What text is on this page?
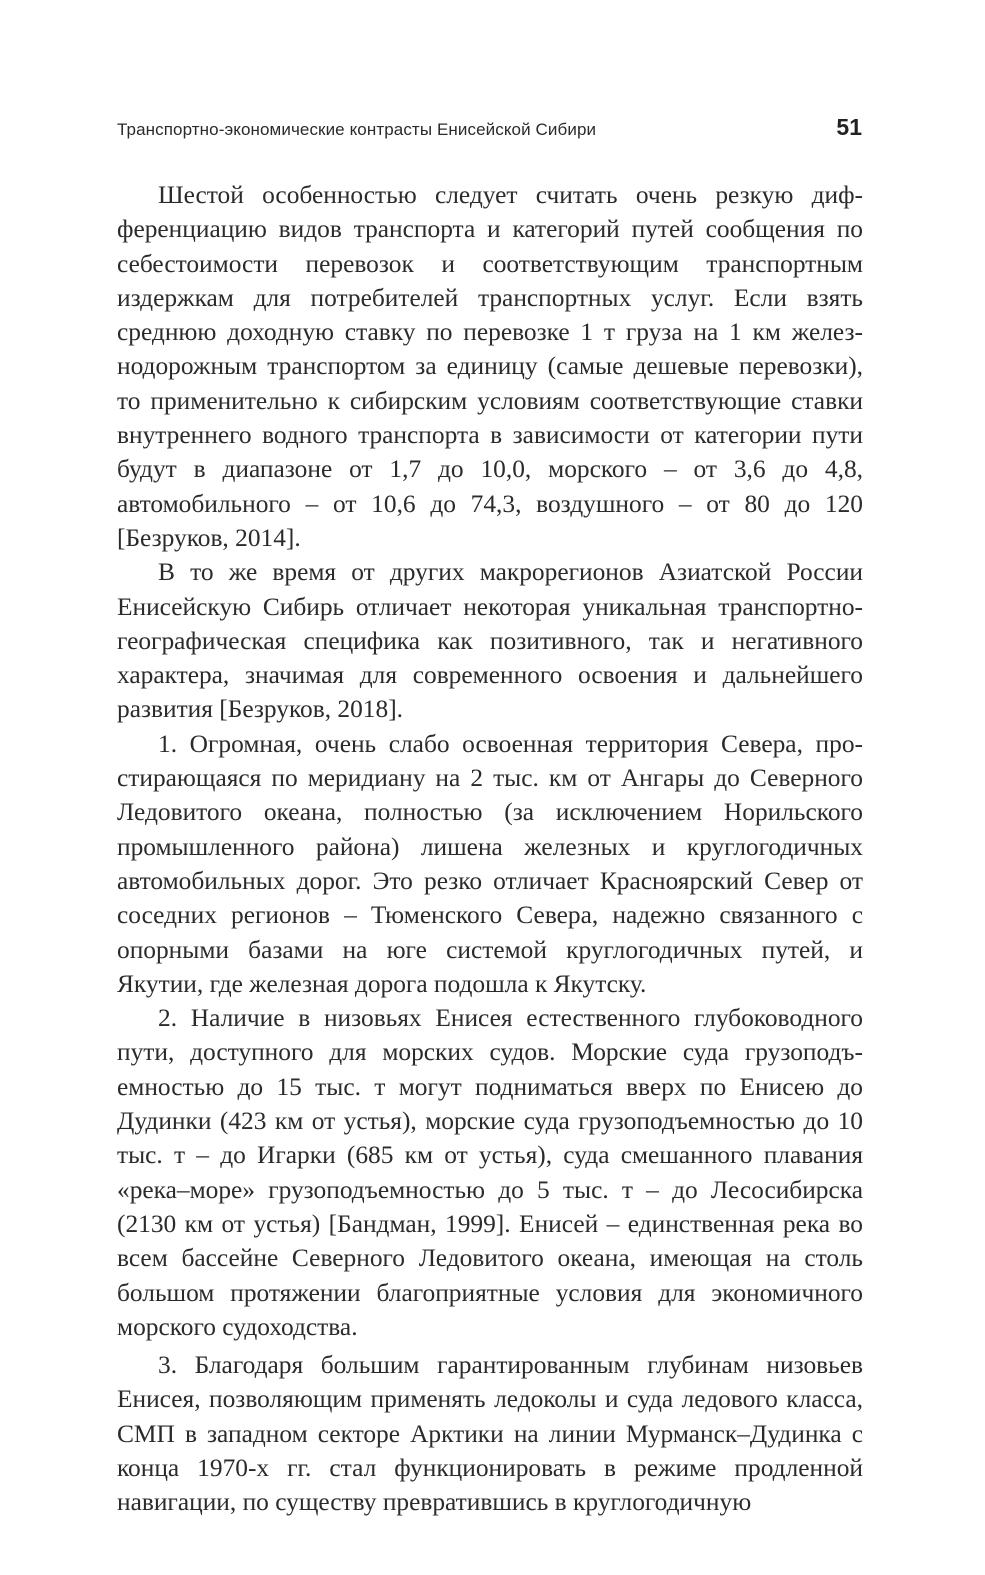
Транспортно-экономические контрасты Енисейской Сибири	51

Шестой особенностью следует считать очень резкую дифференциацию видов транспорта и категорий путей сообщения по себестоимости перевозок и соответствующим транспортным издержкам для потребителей транспортных услуг. Если взять среднюю доходную ставку по перевозке 1 т груза на 1 км железнодорожным транспортом за единицу (самые дешевые перевозки), то применительно к сибирским условиям соответствующие ставки внутреннего водного транспорта в зависимости от категории пути будут в диапазоне от 1,7 до 10,0, морского – от 3,6 до 4,8, автомобильного – от 10,6 до 74,3, воздушного – от 80 до 120 [Безруков, 2014].

В то же время от других макрорегионов Азиатской России Енисейскую Сибирь отличает некоторая уникальная транспортно-географическая специфика как позитивного, так и негативного характера, значимая для современного освоения и дальнейшего развития [Безруков, 2018].

1. Огромная, очень слабо освоенная территория Севера, простирающаяся по меридиану на 2 тыс. км от Ангары до Северного Ледовитого океана, полностью (за исключением Норильского промышленного района) лишена железных и круглогодичных автомобильных дорог. Это резко отличает Красноярский Север от соседних регионов – Тюменского Севера, надежно связанного с опорными базами на юге системой круглогодичных путей, и Якутии, где железная дорога подошла к Якутску.

2. Наличие в низовьях Енисея естественного глубоководного пути, доступного для морских судов. Морские суда грузоподъемностью до 15 тыс. т могут подниматься вверх по Енисею до Дудинки (423 км от устья), морские суда грузоподъемностью до 10 тыс. т – до Игарки (685 км от устья), суда смешанного плавания «река–море» грузоподъемностью до 5 тыс. т – до Лесосибирска (2130 км от устья) [Бандман, 1999]. Енисей – единственная река во всем бассейне Северного Ледовитого океана, имеющая на столь большом протяжении благоприятные условия для экономичного морского судоходства.

3. Благодаря большим гарантированным глубинам низовьев Енисея, позволяющим применять ледоколы и суда ледового класса, СМП в западном секторе Арктики на линии Мурманск–Дудинка с конца 1970-х гг. стал функционировать в режиме продленной навигации, по существу превратившись в круглогодичную
